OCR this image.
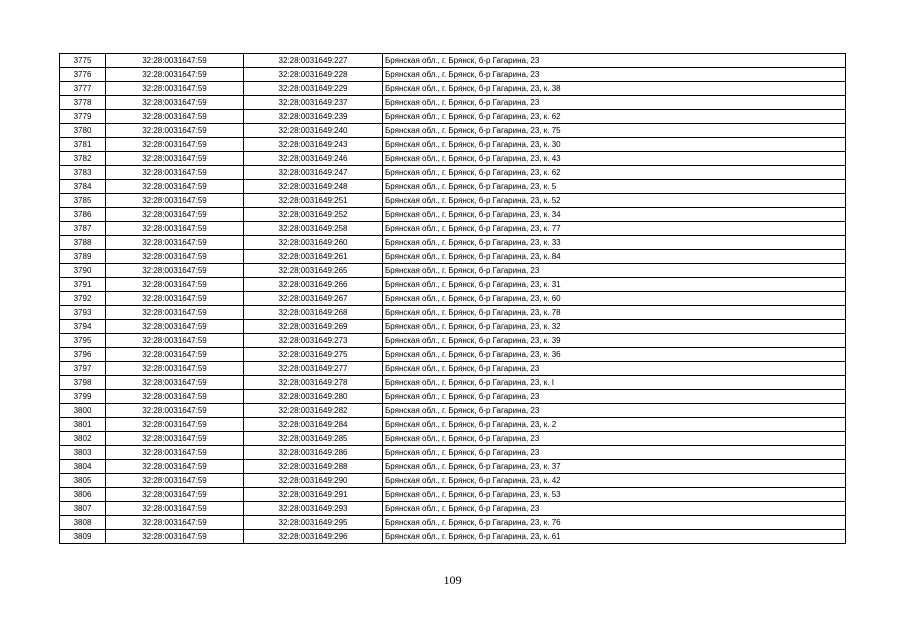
3775	32:28:0031647:59	32:28:0031649:227	Брянская обл., г. Брянск, б-р Гагарина, 23
3776	32:28:0031647:59	32:28:0031649:228	Брянская обл., г. Брянск, б-р Гагарина, 23
3777	32:28:0031647:59	32:28:0031649:229	Брянская обл., г. Брянск, б-р Гагарина, 23, к. 38
3778	32:28:0031647:59	32:28:0031649:237	Брянская обл., г. Брянск, б-р Гагарина, 23
3779	32:28:0031647:59	32:28:0031649:239	Брянская обл., г. Брянск, б-р Гагарина, 23, к. 62
3780	32:28:0031647:59	32:28:0031649:240	Брянская обл., г. Брянск, б-р Гагарина, 23, к. 75
3781	32:28:0031647:59	32:28:0031649:243	Брянская обл., г. Брянск, б-р Гагарина, 23, к. 30
3782	32:28:0031647:59	32:28:0031649:246	Брянская обл., г. Брянск, б-р Гагарина, 23, к. 43
3783	32:28:0031647:59	32:28:0031649:247	Брянская обл., г. Брянск, б-р Гагарина, 23, к. 62
3784	32:28:0031647:59	32:28:0031649:248	Брянская обл., г. Брянск, б-р Гагарина, 23, к. 5
3785	32:28:0031647:59	32:28:0031649:251	Брянская обл., г. Брянск, б-р Гагарина, 23, к. 52
3786	32:28:0031647:59	32:28:0031649:252	Брянская обл., г. Брянск, б-р Гагарина, 23, к. 34
3787	32:28:0031647:59	32:28:0031649:258	Брянская обл., г. Брянск, б-р Гагарина, 23, к. 77
3788	32:28:0031647:59	32:28:0031649:260	Брянская обл., г. Брянск, б-р Гагарина, 23, к. 33
3789	32:28:0031647:59	32:28:0031649:261	Брянская обл., г. Брянск, б-р Гагарина, 23, к. 84
3790	32:28:0031647:59	32:28:0031649:265	Брянская обл., г. Брянск, б-р Гагарина, 23
3791	32:28:0031647:59	32:28:0031649:266	Брянская обл., г. Брянск, б-р Гагарина, 23, к. 31
3792	32:28:0031647:59	32:28:0031649:267	Брянская обл., г. Брянск, б-р Гагарина, 23, к. 60
3793	32:28:0031647:59	32:28:0031649:268	Брянская обл., г. Брянск, б-р Гагарина, 23, к. 78
3794	32:28:0031647:59	32:28:0031649:269	Брянская обл., г. Брянск, б-р Гагарина, 23, к. 32
3795	32:28:0031647:59	32:28:0031649:273	Брянская обл., г. Брянск, б-р Гагарина, 23, к. 39
3796	32:28:0031647:59	32:28:0031649:275	Брянская обл., г. Брянск, б-р Гагарина, 23, к. 36
3797	32:28:0031647:59	32:28:0031649:277	Брянская обл., г. Брянск, б-р Гагарина, 23
3798	32:28:0031647:59	32:28:0031649:278	Брянская обл., г. Брянск, б-р Гагарина, 23, к. I
3799	32:28:0031647:59	32:28:0031649:280	Брянская обл., г. Брянск, б-р Гагарина, 23
3800	32:28:0031647:59	32:28:0031649:282	Брянская обл., г. Брянск, б-р Гагарина, 23
3801	32:28:0031647:59	32:28:0031649:284	Брянская обл., г. Брянск, б-р Гагарина, 23, к. 2
3802	32:28:0031647:59	32:28:0031649:285	Брянская обл., г. Брянск, б-р Гагарина, 23
3803	32:28:0031647:59	32:28:0031649:286	Брянская обл., г. Брянск, б-р Гагарина, 23
3804	32:28:0031647:59	32:28:0031649:288	Брянская обл., г. Брянск, б-р Гагарина, 23, к. 37
3805	32:28:0031647:59	32:28:0031649:290	Брянская обл., г. Брянск, б-р Гагарина, 23, к. 42
3806	32:28:0031647:59	32:28:0031649:291	Брянская обл., г. Брянск, б-р Гагарина, 23, к. 53
3807	32:28:0031647:59	32:28:0031649:293	Брянская обл., г. Брянск, б-р Гагарина, 23
3808	32:28:0031647:59	32:28:0031649:295	Брянская обл., г. Брянск, б-р Гагарина, 23, к. 76
3809	32:28:0031647:59	32:28:0031649:296	Брянская обл., г. Брянск, б-р Гагарина, 23, к. 61
109
